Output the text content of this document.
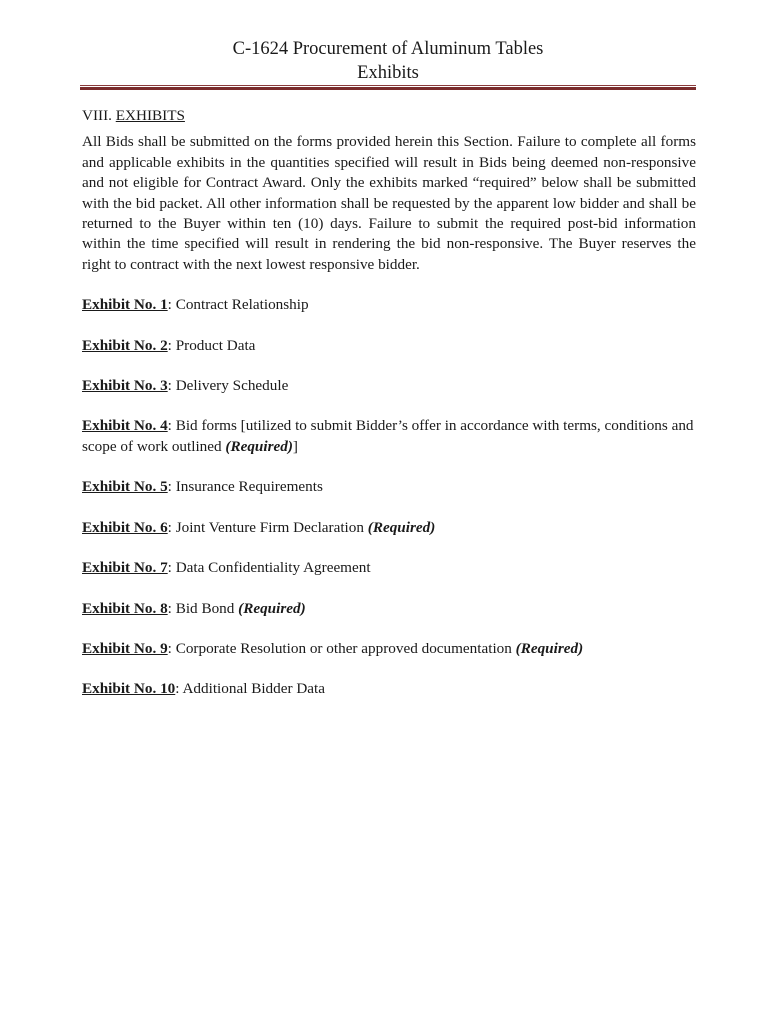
C-1624 Procurement of Aluminum Tables
Exhibits
VIII. EXHIBITS
All Bids shall be submitted on the forms provided herein this Section. Failure to complete all forms and applicable exhibits in the quantities specified will result in Bids being deemed non-responsive and not eligible for Contract Award. Only the exhibits marked “required” below shall be submitted with the bid packet. All other information shall be requested by the apparent low bidder and shall be returned to the Buyer within ten (10) days. Failure to submit the required post-bid information within the time specified will result in rendering the bid non-responsive. The Buyer reserves the right to contract with the next lowest responsive bidder.
Exhibit No. 1: Contract Relationship
Exhibit No. 2: Product Data
Exhibit No. 3: Delivery Schedule
Exhibit No. 4: Bid forms [utilized to submit Bidder’s offer in accordance with terms, conditions and scope of work outlined (Required)]
Exhibit No. 5: Insurance Requirements
Exhibit No. 6: Joint Venture Firm Declaration (Required)
Exhibit No. 7: Data Confidentiality Agreement
Exhibit No. 8: Bid Bond (Required)
Exhibit No. 9: Corporate Resolution or other approved documentation (Required)
Exhibit No. 10: Additional Bidder Data
